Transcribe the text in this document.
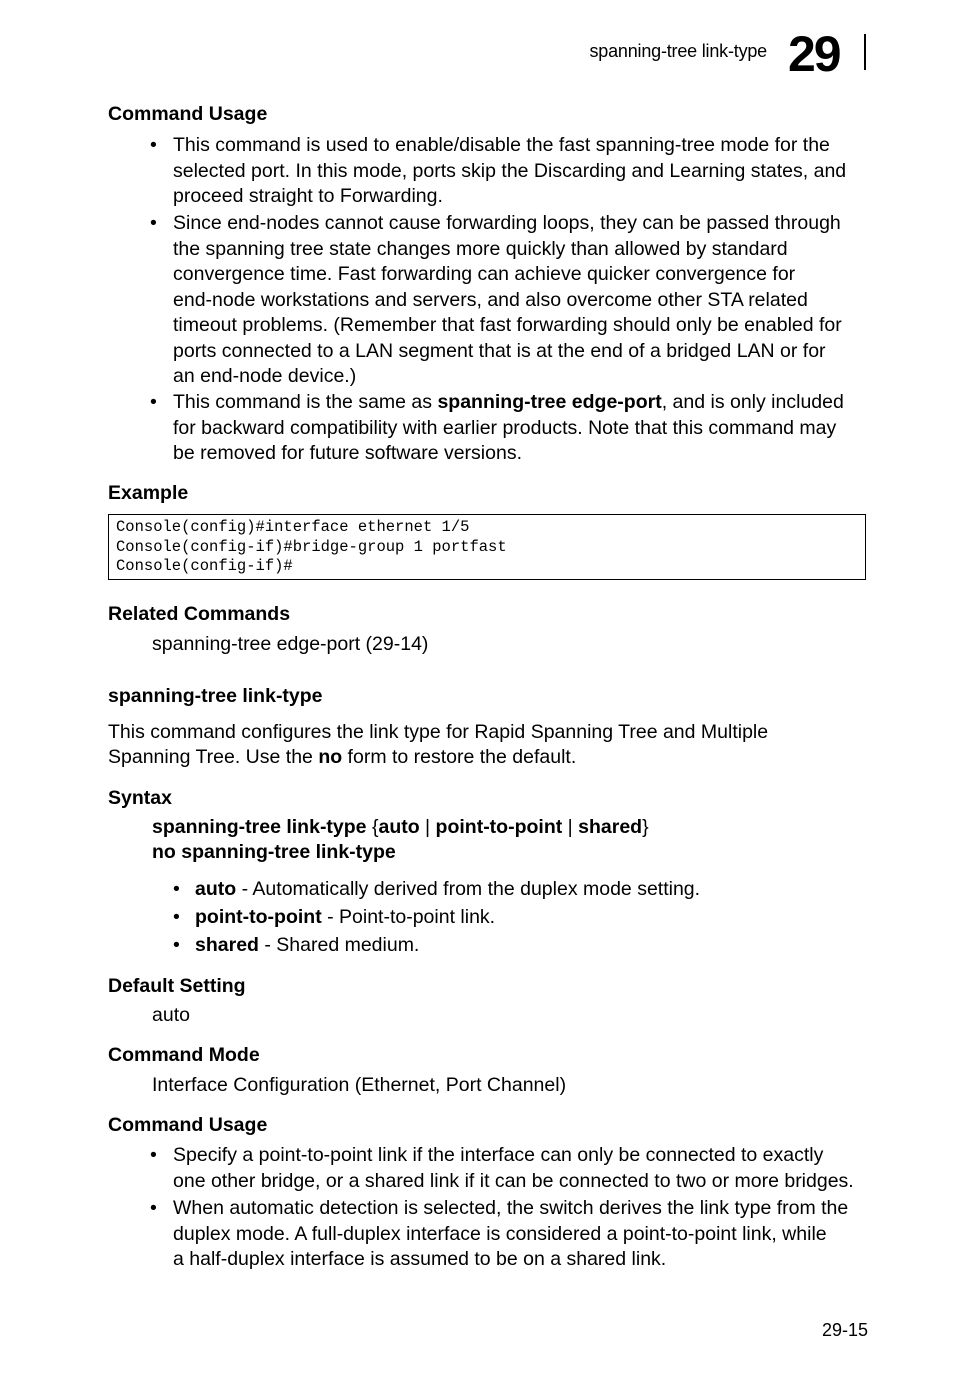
spanning-tree link-type 29
Command Usage
• This command is used to enable/disable the fast spanning-tree mode for the
selected port. In this mode, ports skip the Discarding and Learning states, and
proceed straight to Forwarding.
• Since end-nodes cannot cause forwarding loops, they can be passed through
the spanning tree state changes more quickly than allowed by standard
convergence time. Fast forwarding can achieve quicker convergence for
end-node workstations and servers, and also overcome other STA related
timeout problems. (Remember that fast forwarding should only be enabled for
ports connected to a LAN segment that is at the end of a bridged LAN or for
an end-node device.)
• This command is the same as spanning-tree edge-port, and is only included
for backward compatibility with earlier products. Note that this command may
be removed for future software versions.
Example
Console(config)#interface ethernet 1/5
Console(config-if)#bridge-group 1 portfast
Console(config-if)#
Related Commands
spanning-tree edge-port (29-14)
spanning-tree link-type
This command configures the link type for Rapid Spanning Tree and Multiple
Spanning Tree. Use the no form to restore the default.
Syntax
spanning-tree link-type {auto | point-to-point | shared}
no spanning-tree link-type
• auto - Automatically derived from the duplex mode setting.
• point-to-point - Point-to-point link.
• shared - Shared medium.
Default Setting
auto
Command Mode
Interface Configuration (Ethernet, Port Channel)
Command Usage
• Specify a point-to-point link if the interface can only be connected to exactly
one other bridge, or a shared link if it can be connected to two or more bridges.
• When automatic detection is selected, the switch derives the link type from the
duplex mode. A full-duplex interface is considered a point-to-point link, while
a half-duplex interface is assumed to be on a shared link.
29-15
